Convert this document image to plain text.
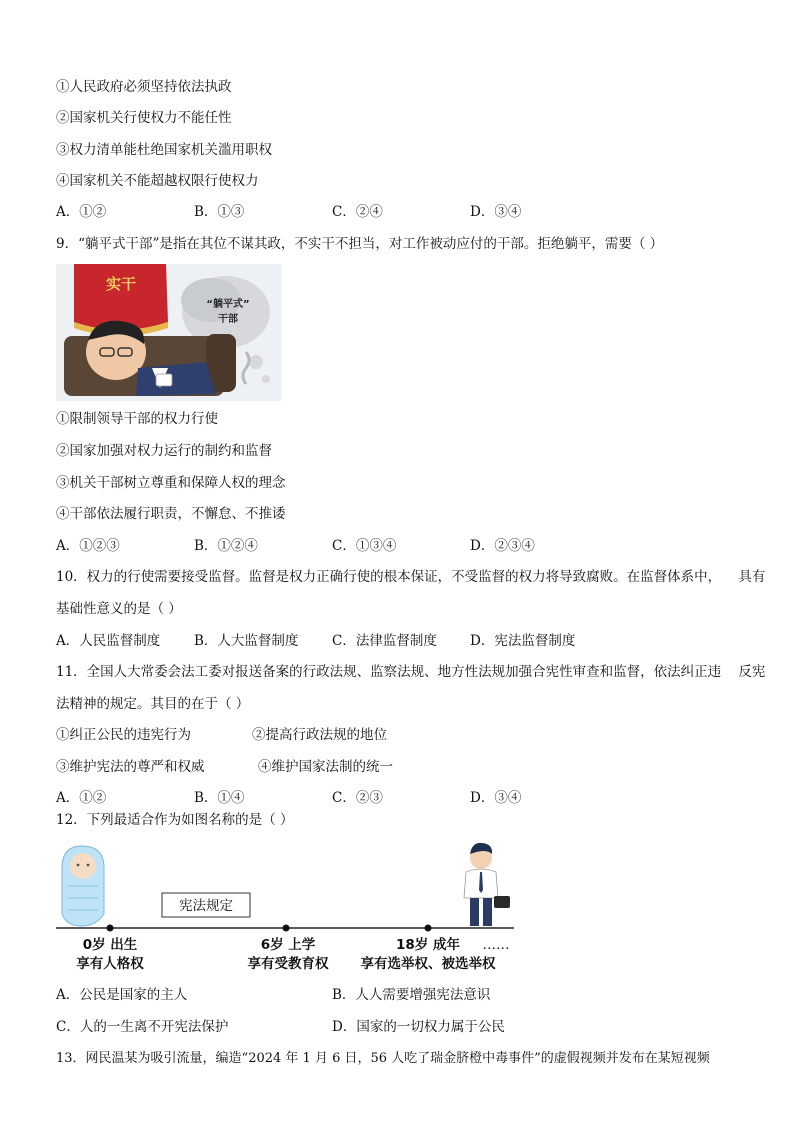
①人民政府必须坚持依法执政
②国家机关行使权力不能任性
③权力清单能杜绝国家机关滥用职权
④国家机关不能超越权限行使权力
A．①②	B．①③	C．②④	D．③④
9．“躺平式干部”是指在其位不谋其政，不实干不担当，对工作被动应付的干部。拒绝躺平，需要（ ）
实干
“躺平式”
干部
①限制领导干部的权力行使
②国家加强对权力运行的制约和监督
③机关干部树立尊重和保障人权的理念
④干部依法履行职责，不懈怠、不推诿
A．①②③	B．①②④	C．①③④	D．②③④
10．权力的行使需要接受监督。监督是权力正确行使的根本保证，不受监督的权力将导致腐败。在监督体系中，    具有
基础性意义的是（ ）
A．人民监督制度	B．人大监督制度 C．法律监督制度 D．宪法监督制度
11．全国人大常委会法工委对报送备案的行政法规、监察法规、地方性法规加强合宪性审查和监督，依法纠正违    反宪
法精神的规定。其目的在于（ ）
①纠正公民的违宪行为	②提高行政法规的地位
③维护宪法的尊严和权威	④维护国家法制的统一
A．①②	B．①④	C．②③	D．③④
12．下列最适合作为如图名称的是（ ）
宪法规定
0岁 出生
享有人格权
6岁 上学
享有受教育权
18岁 成年
享有选举权、被选举权
……
A．公民是国家的主人	B．人人需要增强宪法意识
C．人的一生离不开宪法保护	D．国家的一切权力属于公民
13．网民温某为吸引流量，编造“2024 年 1 月 6 日，56 人吃了瑞金脐橙中毒事件”的虚假视频并发布在某短视频
